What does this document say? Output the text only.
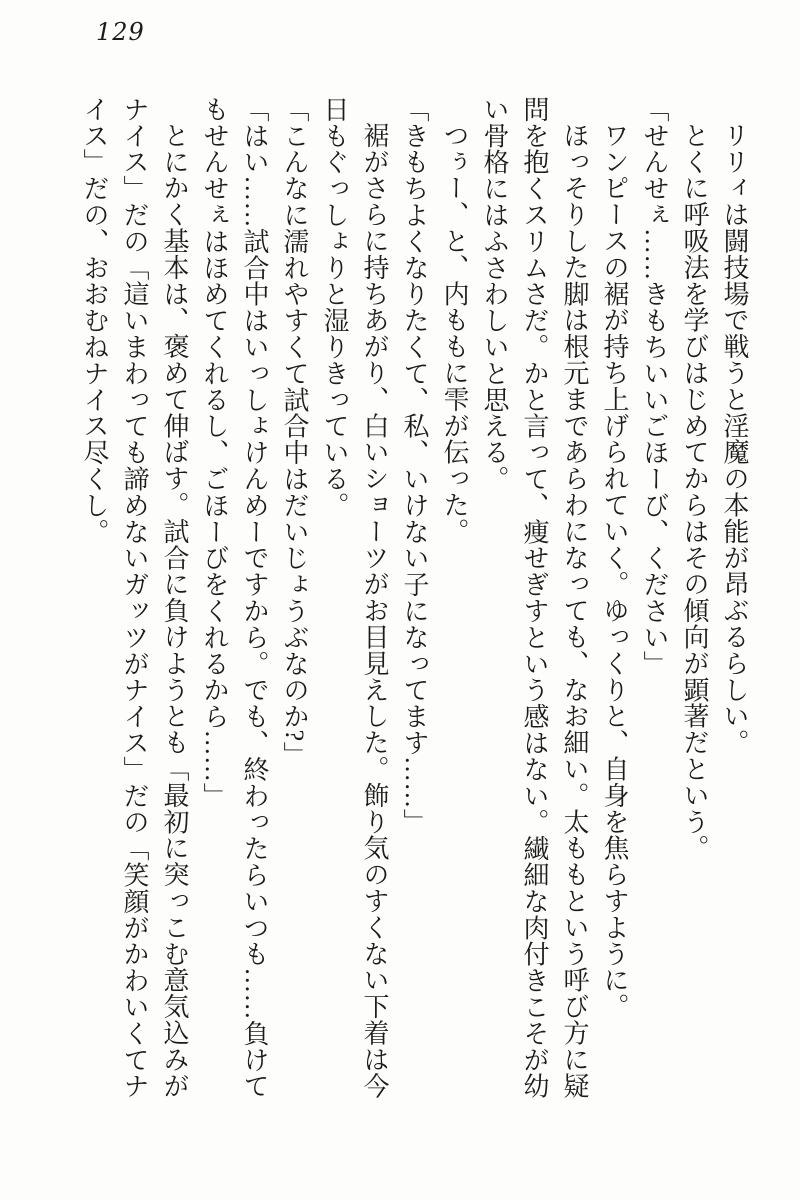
129

リリィは闘技場で戦うと淫魔の本能が昂ぶるらしい。

とくに呼吸法を学びはじめてからはその傾向が顕著だという。

「せんせぇ……きもちいいごほーび、ください」

ワンピースの裾が持ち上げられていく。ゆっくりと、自身を焦らすように。

ほっそりした脚は根元まであらわになっても、なお細い。太ももという呼び方に疑問を抱くスリムさだ。かと言って、痩せぎすという感はない。繊細な肉付きこそが幼い骨格にはふさわしいと思える。

つぅー、と、内ももに雫が伝った。

「きもちよくなりたくて、私、いけない子になってます……」

裾がさらに持ちあがり、白いショーツがお目見えした。飾り気のすくない下着は今日もぐっしょりと湿りきっている。

「こんなに濡れやすくて試合中はだいじょうぶなのか?」

「はい……試合中はいっしょけんめーですから。でも、終わったらいつも……負けてもせんせぇはほめてくれるし、ごほーびをくれるから……」

とにかく基本は、褒めて伸ばす。試合に負けようとも「最初に突っこむ意気込みがナイス」だの「這いまわっても諦めないガッツがナイス」だの「笑顔がかわいくてナイス」だの、おおむねナイス尽くし。
